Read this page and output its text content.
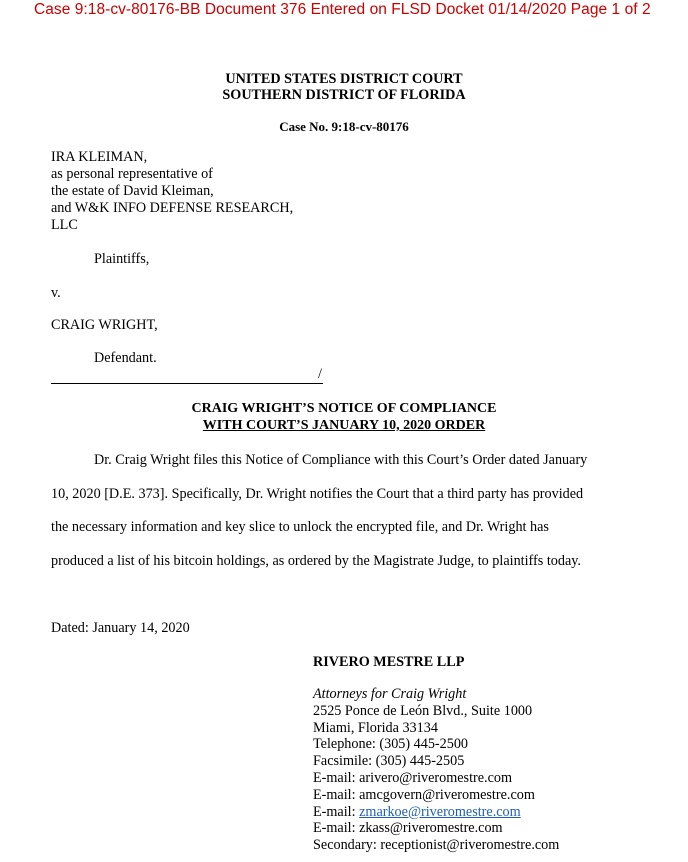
Case 9:18-cv-80176-BB Document 376 Entered on FLSD Docket 01/14/2020 Page 1 of 2
UNITED STATES DISTRICT COURT
SOUTHERN DISTRICT OF FLORIDA
Case No. 9:18-cv-80176
IRA KLEIMAN,
as personal representative of
the estate of David Kleiman,
and W&K INFO DEFENSE RESEARCH,
LLC
Plaintiffs,
v.
CRAIG WRIGHT,
Defendant.
/
CRAIG WRIGHT’S NOTICE OF COMPLIANCE
WITH COURT’S JANUARY 10, 2020 ORDER
Dr. Craig Wright files this Notice of Compliance with this Court’s Order dated January
10, 2020 [D.E. 373]. Specifically, Dr. Wright notifies the Court that a third party has provided
the necessary information and key slice to unlock the encrypted file, and Dr. Wright has
produced a list of his bitcoin holdings, as ordered by the Magistrate Judge, to plaintiffs today.
Dated: January 14, 2020
RIVERO MESTRE LLP
Attorneys for Craig Wright
2525 Ponce de León Blvd., Suite 1000
Miami, Florida 33134
Telephone: (305) 445-2500
Facsimile: (305) 445-2505
E-mail: arivero@riveromestre.com
E-mail: amcgovern@riveromestre.com
E-mail: zmarkoe@riveromestre.com
E-mail: zkass@riveromestre.com
Secondary: receptionist@riveromestre.com
